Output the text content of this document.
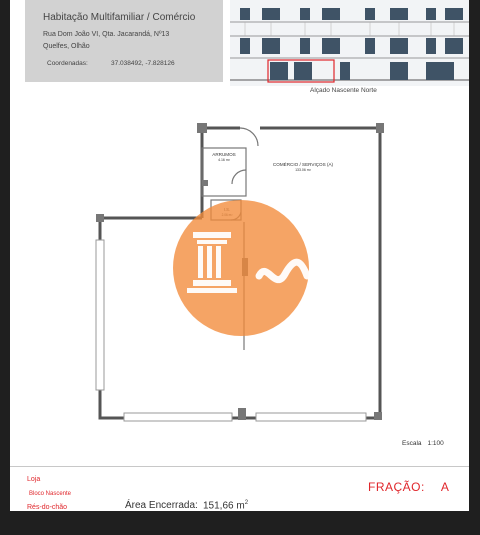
Habitação Multifamiliar / Comércio
Rua Dom João VI, Qta. Jacarandá, Nº13
Quelfes, Olhão
Coordenadas:	37.038492, -7.828126
Alçado Nascente Norte
ARRUMOS
4.16 m²
COMÉRCIO / SERVIÇOS (A)
133.06 m²
Escala 1:100
Loja
Bloco Nascente
Rés-do-chão
FRAÇÃO: A
Área Encerrada: 151,66 $m^2$
